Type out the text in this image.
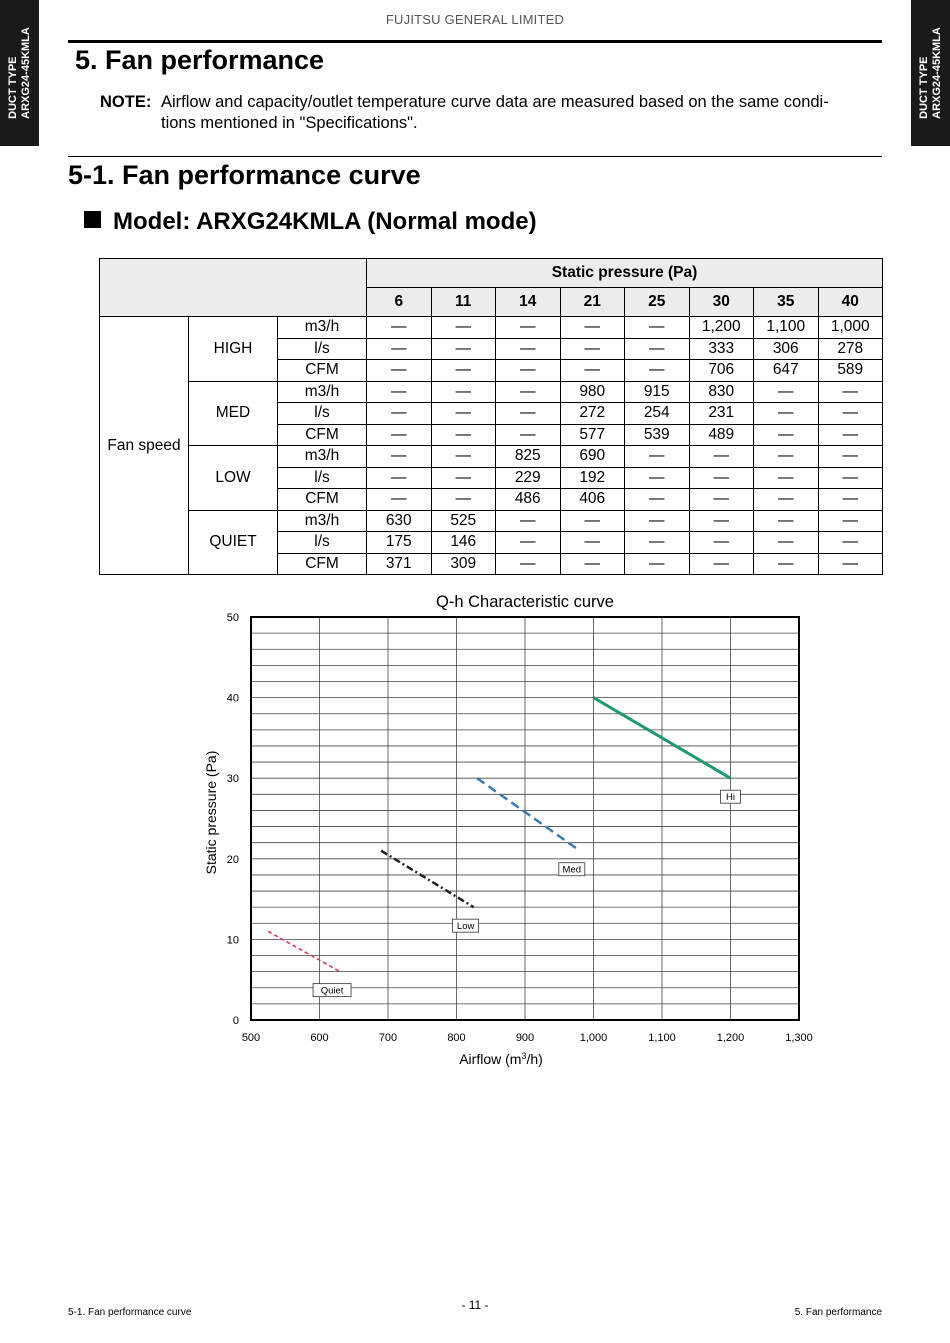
DUCT TYPE ARXG24-45KMLA	DUCT TYPE ARXG24-45KMLA
FUJITSU GENERAL LIMITED
5. Fan performance
NOTE: Airflow and capacity/outlet temperature curve data are measured based on the same condi-
tions mentioned in "Specifications".
5-1. Fan performance curve
Model: ARXG24KMLA (Normal mode)
			Static pressure (Pa)							
			6	11	14	21	25	30	35	40
Fan speed	HIGH	m3/h	—	—	—	—	—	1,200	1,100	1,000
		l/s	—	—	—	—	—	333	306	278
		CFM	—	—	—	—	—	706	647	589
	MED	m3/h	—	—	—	980	915	830	—	—
		l/s	—	—	—	272	254	231	—	—
		CFM	—	—	—	577	539	489	—	—
	LOW	m3/h	—	—	825	690	—	—	—	—
		l/s	—	—	229	192	—	—	—	—
		CFM	—	—	486	406	—	—	—	—
	QUIET	m3/h	630	525	—	—	—	—	—	—
		l/s	175	146	—	—	—	—	—	—
		CFM	371	309	—	—	—	—	—	—
Q-h Characteristic curve
500	600	700	800	900	1,000	1,100	1,200	1,300
0
10
20
30
40
50
Airflow $(m^3/h)$
Static pressure (Pa)	Hi
Med
Low
Quiet
5-1. Fan performance curve
- 11 -
5. Fan performance
